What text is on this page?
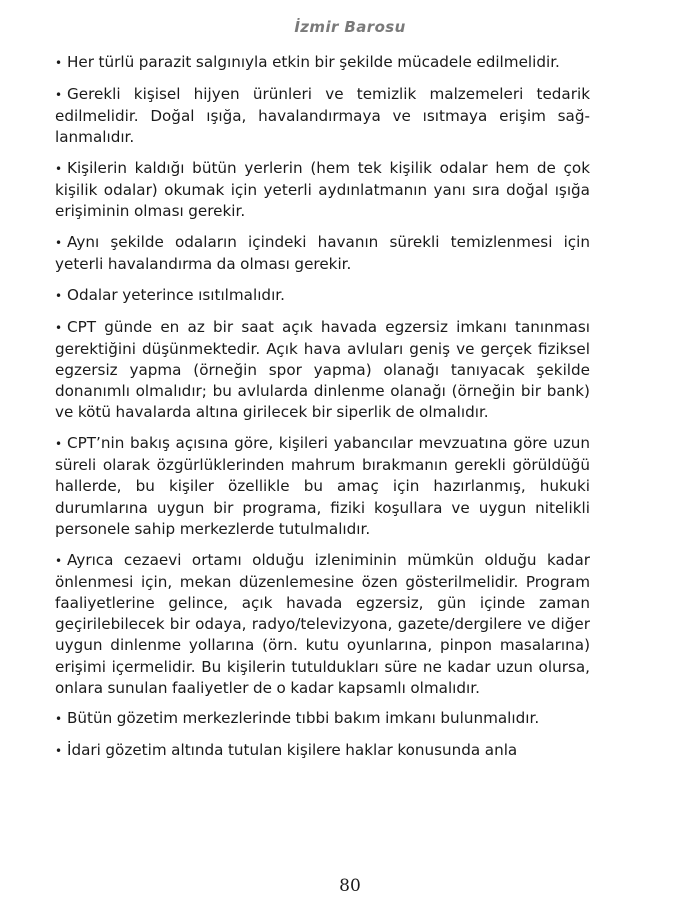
İzmir Barosu

• Her türlü parazit salgınıyla etkin bir şekilde mücadele edilmelidir.

• Gerekli kişisel hijyen ürünleri ve temizlik malzemeleri tedarik edilmelidir. Doğal ışığa, havalandırmaya ve ısıtmaya erişim sağlanmalıdır.

• Kişilerin kaldığı bütün yerlerin (hem tek kişilik odalar hem de çok kişilik odalar) okumak için yeterli aydınlatmanın yanı sıra doğal ışığa erişiminin olması gerekir.

• Aynı şekilde odaların içindeki havanın sürekli temizlenmesi için yeterli havalandırma da olması gerekir.

• Odalar yeterince ısıtılmalıdır.

• CPT günde en az bir saat açık havada egzersiz imkanı tanınması gerektiğini düşünmektedir. Açık hava avluları geniş ve gerçek fiziksel egzersiz yapma (örneğin spor yapma) olanağı tanıyacak şekilde donanımlı olmalıdır; bu avlularda dinlenme olanağı (örneğin bir bank) ve kötü havalarda altına girilecek bir siperlik de olmalıdır.

• CPT’nin bakış açısına göre, kişileri yabancılar mevzuatına göre uzun süreli olarak özgürlüklerinden mahrum bırakmanın gerekli görüldüğü hallerde, bu kişiler özellikle bu amaç için hazırlanmış, hukuki durumlarına uygun bir programa, fiziki koşullara ve uygun nitelikli personele sahip merkezlerde tutulmalıdır.

• Ayrıca cezaevi ortamı olduğu izleniminin mümkün olduğu kadar önlenmesi için, mekan düzenlemesine özen gösterilmelidir. Program faaliyetlerine gelince, açık havada egzersiz, gün içinde zaman geçirilebilecek bir odaya, radyo/televizyona, gazete/dergilere ve diğer uygun dinlenme yollarına (örn. kutu oyunlarına, pinpon masalarına) erişimi içermelidir. Bu kişilerin tutuldukları süre ne kadar uzun olursa, onlara sunulan faaliyetler de o kadar kapsamlı olmalıdır.

• Bütün gözetim merkezlerinde tıbbi bakım imkanı bulunmalıdır.

• İdari gözetim altında tutulan kişilere haklar konusunda anla

80
